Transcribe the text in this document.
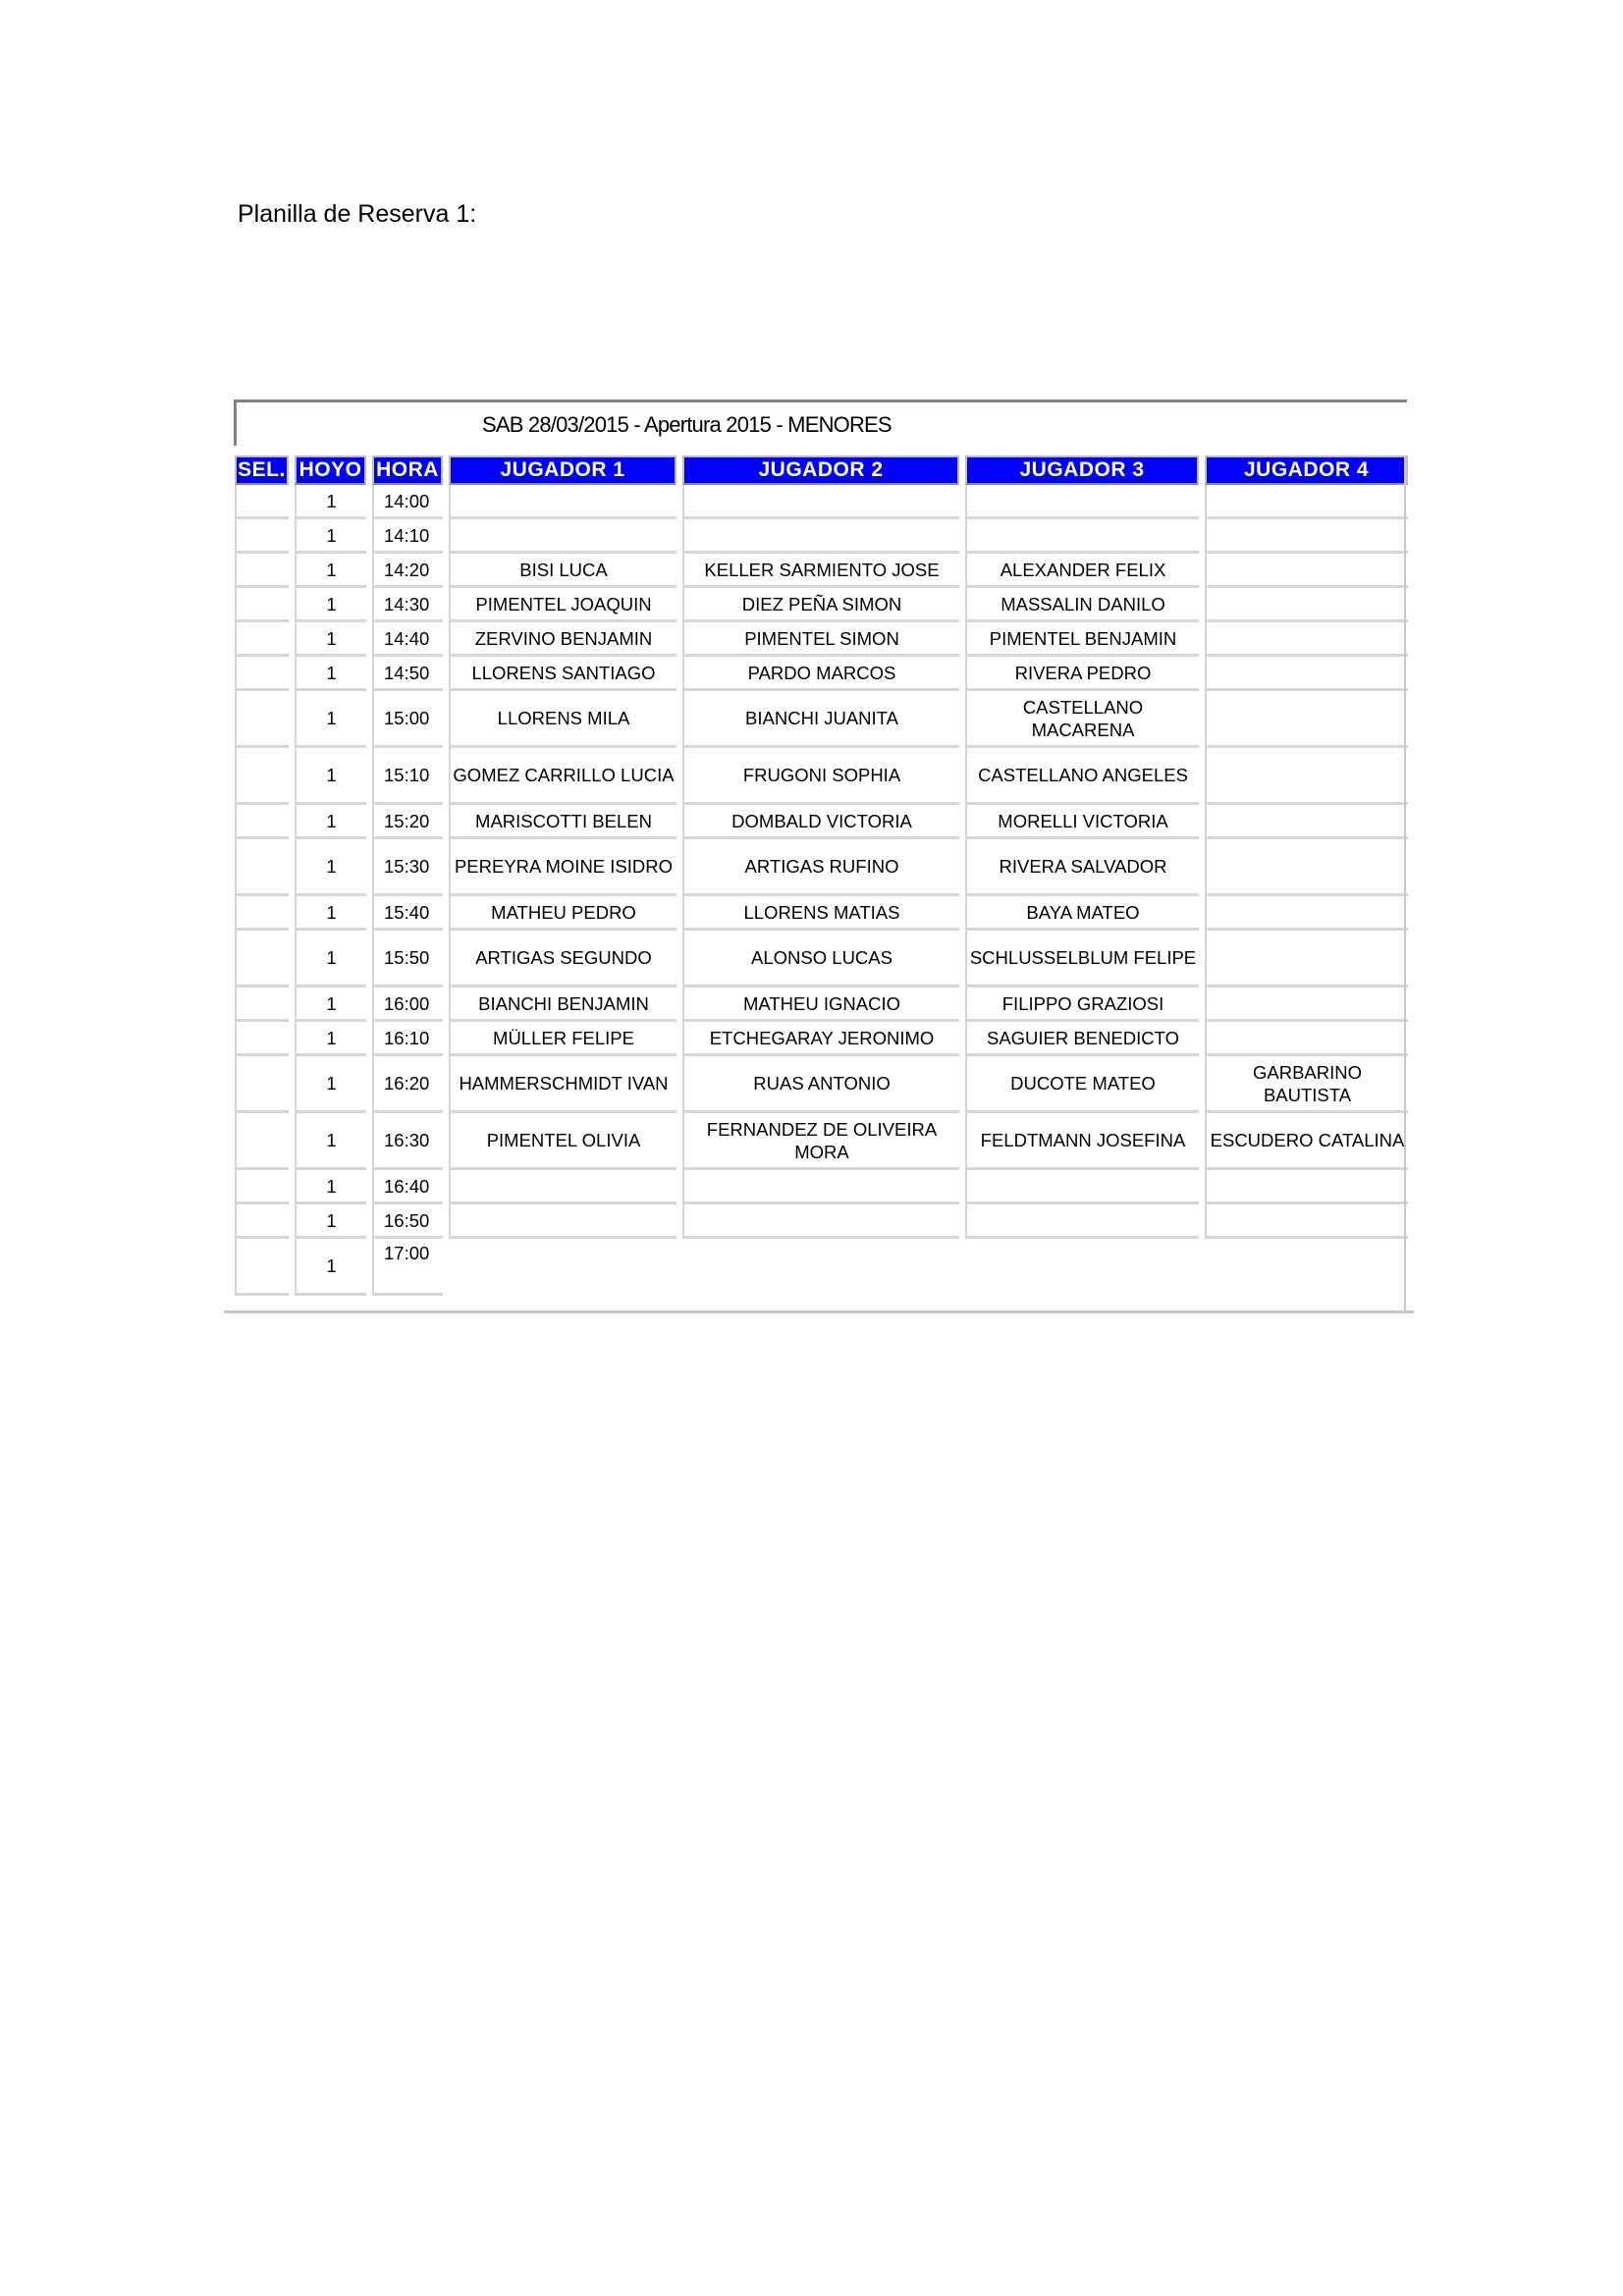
Planilla de Reserva 1:
SAB 28/03/2015 - Apertura 2015 - MENORES
SEL.	HOYO	HORA	JUGADOR 1	JUGADOR 2	JUGADOR 3	JUGADOR 4
	1	14:00				
	1	14:10				
	1	14:20	BISI LUCA	KELLER SARMIENTO JOSE	ALEXANDER FELIX	
	1	14:30	PIMENTEL JOAQUIN	DIEZ PEÑA SIMON	MASSALIN DANILO	
	1	14:40	ZERVINO BENJAMIN	PIMENTEL SIMON	PIMENTEL BENJAMIN	
	1	14:50	LLORENS SANTIAGO	PARDO MARCOS	RIVERA PEDRO	
	1	15:00	LLORENS MILA	BIANCHI JUANITA	CASTELLANO MACARENA	
	1	15:10	GOMEZ CARRILLO LUCIA	FRUGONI SOPHIA	CASTELLANO ANGELES	
	1	15:20	MARISCOTTI BELEN	DOMBALD VICTORIA	MORELLI VICTORIA	
	1	15:30	PEREYRA MOINE ISIDRO	ARTIGAS RUFINO	RIVERA SALVADOR	
	1	15:40	MATHEU PEDRO	LLORENS MATIAS	BAYA MATEO	
	1	15:50	ARTIGAS SEGUNDO	ALONSO LUCAS	SCHLUSSELBLUM FELIPE	
	1	16:00	BIANCHI BENJAMIN	MATHEU IGNACIO	FILIPPO GRAZIOSI	
	1	16:10	MÜLLER FELIPE	ETCHEGARAY JERONIMO	SAGUIER BENEDICTO	
	1	16:20	HAMMERSCHMIDT IVAN	RUAS ANTONIO	DUCOTE MATEO	GARBARINO BAUTISTA
	1	16:30	PIMENTEL OLIVIA	FERNANDEZ DE OLIVEIRA MORA	FELDTMANN JOSEFINA	ESCUDERO CATALINA
	1	16:40				
	1	16:50				
	1	17:00				
